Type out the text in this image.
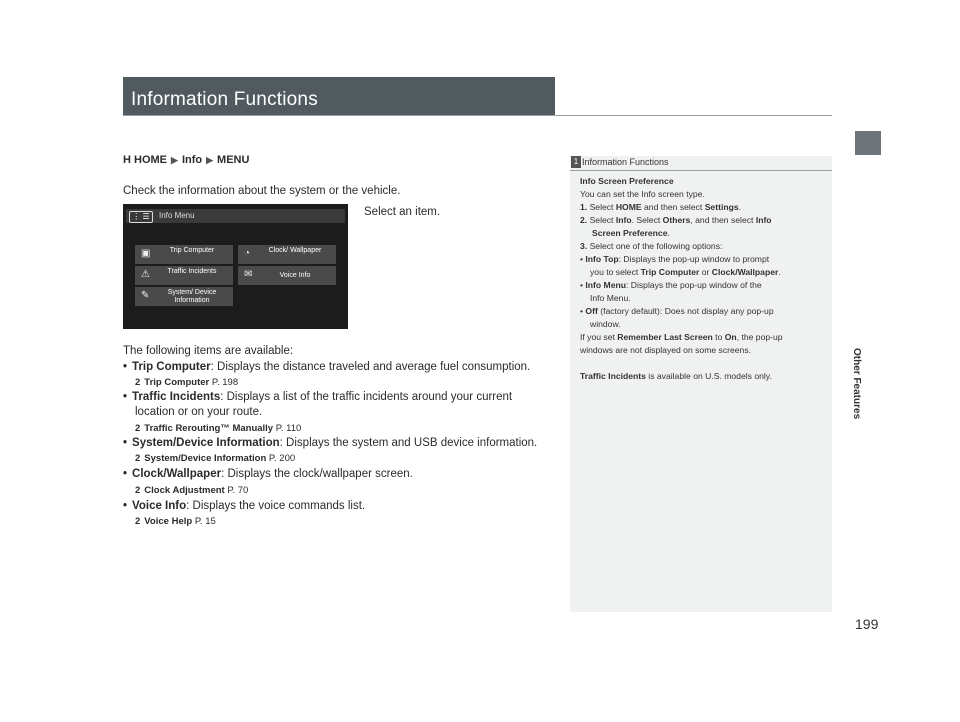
Information Functions
Other Features
199
H HOME ▶ Info ▶ MENU
Check the information about the system or the vehicle.
Select an item.
⋮ ☰	Info Menu
▣	Trip Computer	◔	Clock/ Wallpaper
⚠	Traffic Incidents	✉	Voice Info
✎	System/ Device Information
The following items are available:
• Trip Computer: Displays the distance traveled and average fuel consumption.
2 Trip Computer P. 198
• Traffic Incidents: Displays a list of the traffic incidents around your current
location or on your route.
2 Traffic Rerouting™ Manually P. 110
• System/Device Information: Displays the system and USB device information.
2 System/Device Information P. 200
• Clock/Wallpaper: Displays the clock/wallpaper screen.
2 Clock Adjustment P. 70
• Voice Info: Displays the voice commands list.
2 Voice Help P. 15
1 Information Functions
Info Screen Preference
You can set the Info screen type.
1. Select HOME and then select Settings.
2. Select Info. Select Others, and then select Info
Screen Preference.
3. Select one of the following options:
• Info Top: Displays the pop-up window to prompt
you to select Trip Computer or Clock/Wallpaper.
• Info Menu: Displays the pop-up window of the
Info Menu.
• Off (factory default): Does not display any pop-up
window.
If you set Remember Last Screen to On, the pop-up
windows are not displayed on some screens.
Traffic Incidents is available on U.S. models only.
